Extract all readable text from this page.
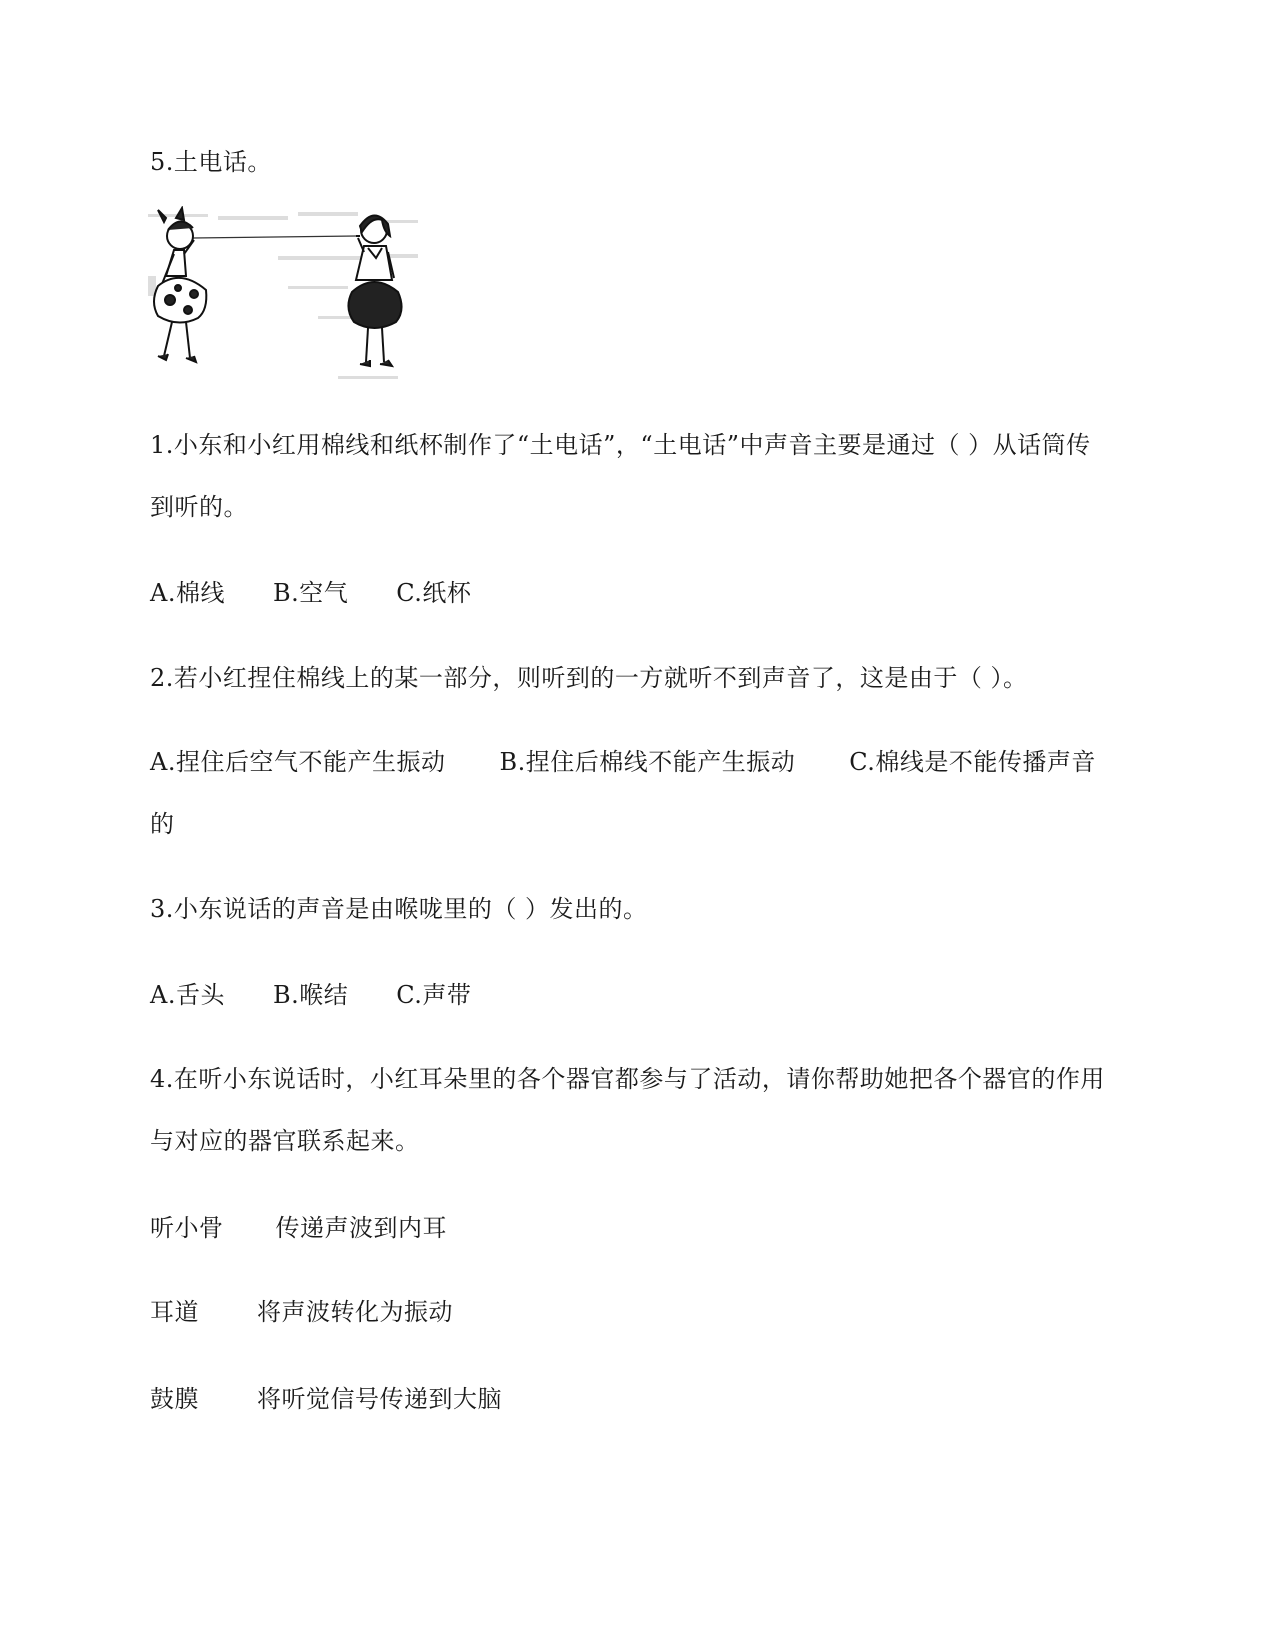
5.土电话。
1.小东和小红用棉线和纸杯制作了“土电话”，“土电话”中声音主要是通过（ ）从话筒传
到听的。
A.棉线 B.空气 C.纸杯
2.若小红捏住棉线上的某一部分，则听到的一方就听不到声音了，这是由于（ ）。
A.捏住后空气不能产生振动 B.捏住后棉线不能产生振动 C.棉线是不能传播声音
的
3.小东说话的声音是由喉咙里的（ ）发出的。
A.舌头 B.喉结 C.声带
4.在听小东说话时，小红耳朵里的各个器官都参与了活动，请你帮助她把各个器官的作用
与对应的器官联系起来。
听小骨 传递声波到内耳
耳道 将声波转化为振动
鼓膜 将听觉信号传递到大脑
